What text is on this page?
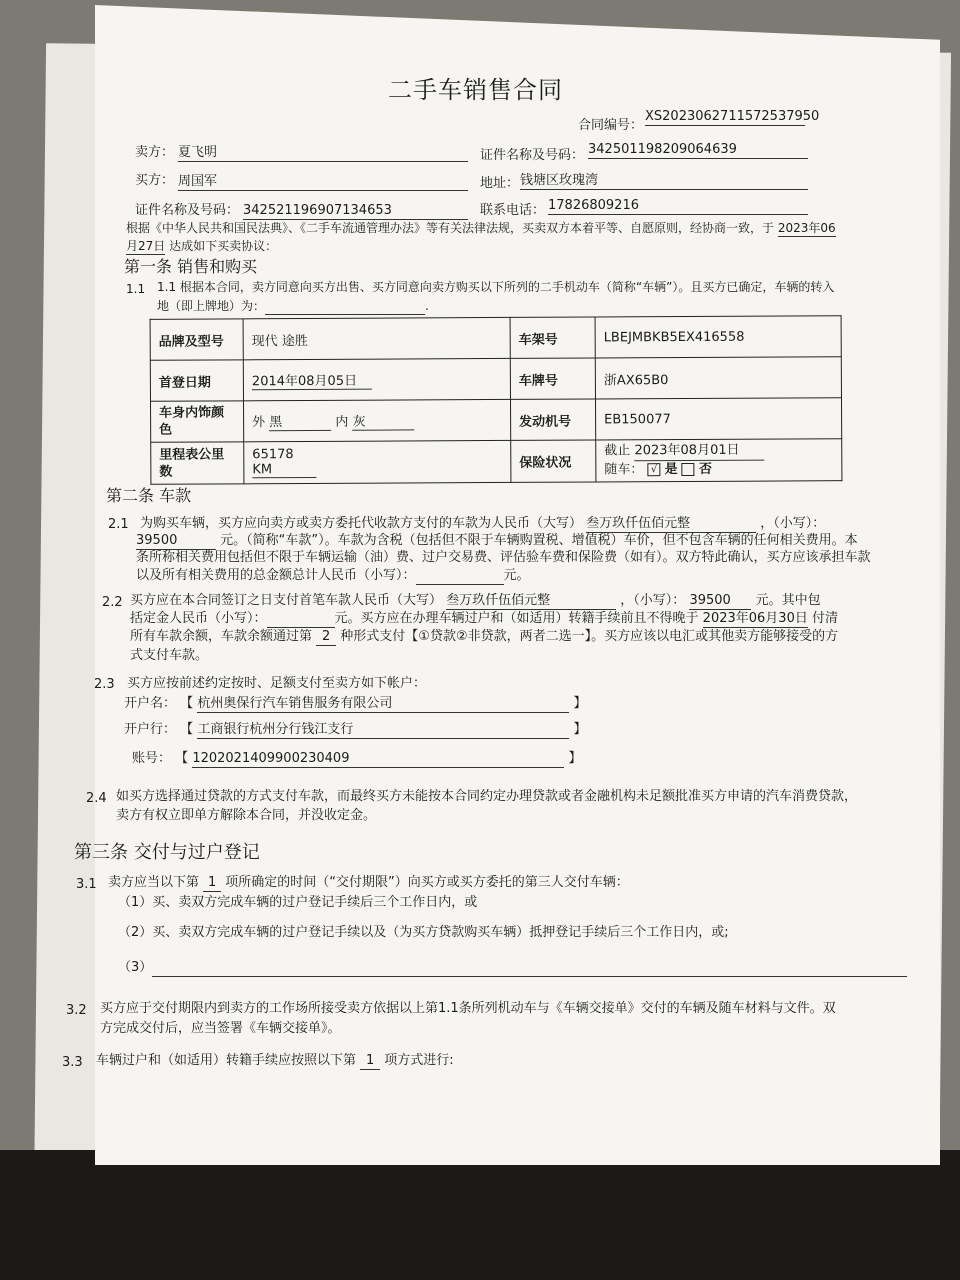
二手车销售合同
合同编号：
XS2023062711572537950
卖方： 夏飞明	证件名称及号码： 342501198209064639
买方： 周国军	地址： 钱塘区玫瑰湾
证件名称及号码： 342521196907134653	联系电话： 17826809216
根据《中华人民共和国民法典》、《二手车流通管理办法》等有关法律法规，买卖双方本着平等、自愿原则，经协商一致，于 2023年06
月27日 达成如下买卖协议：
第一条 销售和购买
1.1 1.1 根据本合同，卖方同意向买方出售、买方同意向卖方购买以下所列的二手机动车（简称“车辆”）。且买方已确定，车辆的转入
地（即上牌地）为：	.
品牌及型号	现代 途胜	车架号	LBEJMBKB5EX416558
首登日期	2014年08月05日	车牌号	浙AX65B0
车身内饰颜
色	外 黑 内 灰	发动机号	EB150077
里程表公里
数	65178 KM	保险状况	截止 2023年08月01日
随车： √ 是 否
第二条 车款
2.1 为购买车辆，买方应向卖方或卖方委托代收款方支付的车款为人民币（大写） 叁万玖仟伍佰元整	，（小写）：
39500	元。（简称“车款”）。车款为含税（包括但不限于车辆购置税、增值税）车价，但不包含车辆的任何相关费用。本
条所称相关费用包括但不限于车辆运输（油）费、过户交易费、评估验车费和保险费（如有）。双方特此确认，买方应该承担车款
以及所有相关费用的总金额总计人民币（小写）：	元。
2.2 买方应在本合同签订之日支付首笔车款人民币（大写） 叁万玖仟伍佰元整	，（小写）： 39500 元。其中包
括定金人民币（小写）：	元。买方应在办理车辆过户和（如适用）转籍手续前且不得晚于 2023年06月30日 付清
所有车款余额，车款余额通过第 2 种形式支付【①贷款②非贷款，两者二选一】。买方应该以电汇或其他卖方能够接受的方
式支付车款。
2.3 买方应按前述约定按时、足额支付至卖方如下帐户：
开户名： 【 杭州奥保行汽车销售服务有限公司	】
开户行： 【 工商银行杭州分行钱江支行	】
账号： 【 1202021409900230409	】
2.4 如买方选择通过贷款的方式支付车款，而最终买方未能按本合同约定办理贷款或者金融机构未足额批准买方申请的汽车消费贷款，
卖方有权立即单方解除本合同，并没收定金。
第三条 交付与过户登记
3.1 卖方应当以下第 1 项所确定的时间（“交付期限”）向买方或买方委托的第三人交付车辆：
（1）买、卖双方完成车辆的过户登记手续后三个工作日内，或
（2）买、卖双方完成车辆的过户登记手续以及（为买方贷款购买车辆）抵押登记手续后三个工作日内，或;
（3）
3.2 买方应于交付期限内到卖方的工作场所接受卖方依据以上第1.1条所列机动车与《车辆交接单》交付的车辆及随车材料与文件。双
方完成交付后，应当签署《车辆交接单》。
3.3 车辆过户和（如适用）转籍手续应按照以下第 1 项方式进行:
